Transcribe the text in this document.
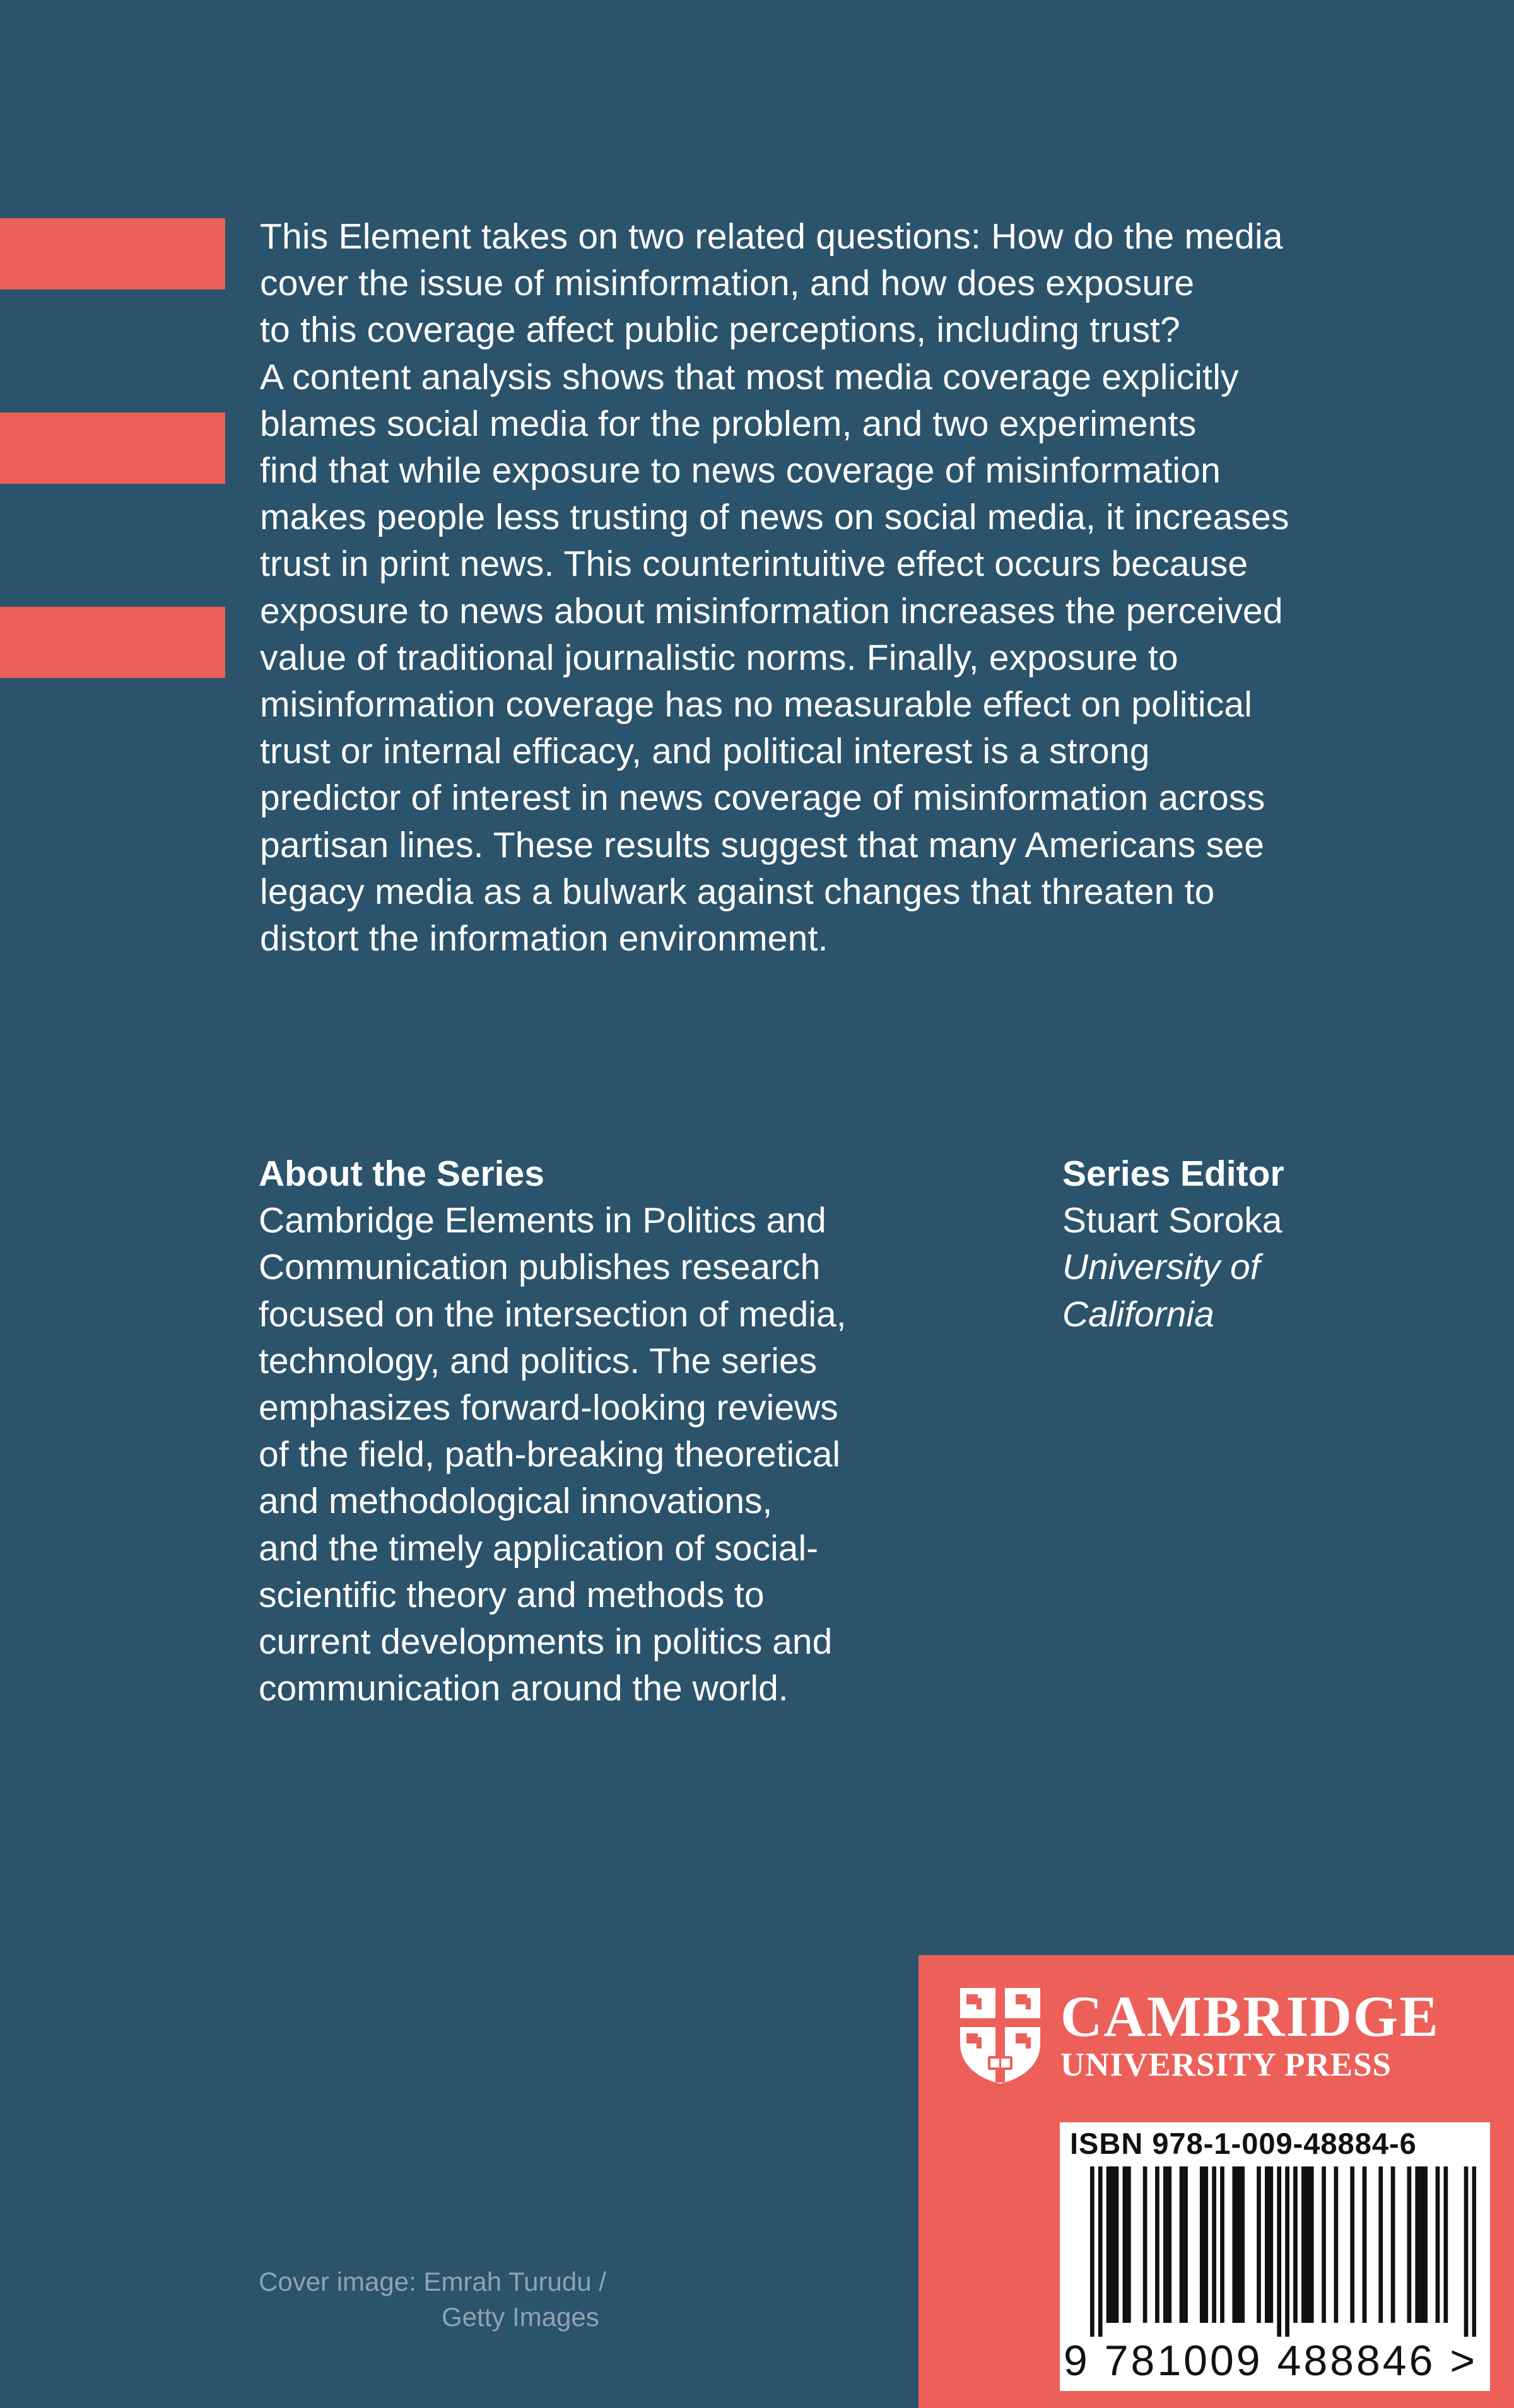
This Element takes on two related questions: How do the media
cover the issue of misinformation, and how does exposure
to this coverage affect public perceptions, including trust?
A content analysis shows that most media coverage explicitly
blames social media for the problem, and two experiments
find that while exposure to news coverage of misinformation
makes people less trusting of news on social media, it increases
trust in print news. This counterintuitive effect occurs because
exposure to news about misinformation increases the perceived
value of traditional journalistic norms. Finally, exposure to
misinformation coverage has no measurable effect on political
trust or internal efficacy, and political interest is a strong
predictor of interest in news coverage of misinformation across
partisan lines. These results suggest that many Americans see
legacy media as a bulwark against changes that threaten to
distort the information environment.

About the Series

Cambridge Elements in Politics and
Communication publishes research
focused on the intersection of media,
technology, and politics. The series
emphasizes forward-looking reviews
of the field, path-breaking theoretical
and methodological innovations,
and the timely application of social-
scientific theory and methods to
current developments in politics and
communication around the world.

Series Editor

Stuart Soroka

University of
California

Cover image: Emrah Turudu /
Getty Images
CAMBRIDGE
UNIVERSITY PRESS
ISBN 978-1-009-48884-6
9 781009 488846 >
